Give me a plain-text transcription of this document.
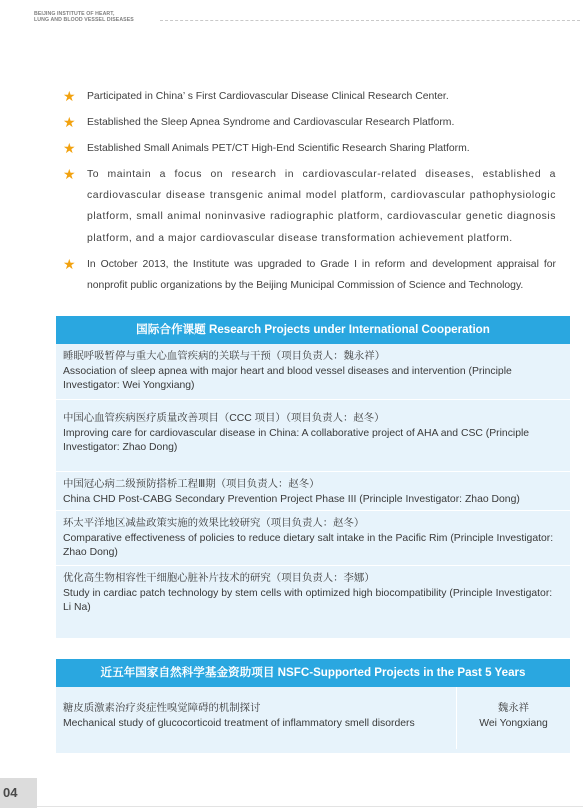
BEIJING INSTITUTE OF HEART,
LUNG AND BLOOD VESSEL DISEASES
★ Participated in China’ s First Cardiovascular Disease Clinical Research Center.
★ Established the Sleep Apnea Syndrome and Cardiovascular Research Platform.
★ Established Small Animals PET/CT High-End Scientific Research Sharing Platform.
★ To maintain a focus on research in cardiovascular-related diseases, established a cardiovascular disease transgenic animal model platform, cardiovascular pathophysiologic platform, small animal noninvasive radiographic platform, cardiovascular genetic diagnosis platform, and a major cardiovascular disease transformation achievement platform.
★ In October 2013, the Institute was upgraded to Grade I in reform and development appraisal for nonprofit public organizations by the Beijing Municipal Commission of Science and Technology.
国际合作课题 Research Projects under International Cooperation
睡眠呼吸暂停与重大心血管疾病的关联与干预（项目负责人：魏永祥）
Association of sleep apnea with major heart and blood vessel diseases and intervention (Principle Investigator: Wei Yongxiang)
中国心血管疾病医疗质量改善项目（CCC 项目）（项目负责人：赵冬）
Improving care for cardiovascular disease in China: A collaborative project of AHA and CSC (Principle Investigator: Zhao Dong)
中国冠心病二级预防搭桥工程Ⅲ期（项目负责人：赵冬）
China CHD Post-CABG Secondary Prevention Project Phase III (Principle Investigator: Zhao Dong)
环太平洋地区减盐政策实施的效果比较研究（项目负责人：赵冬）
Comparative effectiveness of policies to reduce dietary salt intake in the Pacific Rim (Principle Investigator: Zhao Dong)
优化高生物相容性干细胞心脏补片技术的研究（项目负责人：李娜）
Study in cardiac patch technology by stem cells with optimized high biocompatibility (Principle Investigator: Li Na)
近五年国家自然科学基金资助项目 NSFC-Supported Projects in the Past 5 Years
糖皮质激素治疗炎症性嗅觉障碍的机制探讨
Mechanical study of glucocorticoid treatment of inflammatory smell disorders
魏永祥
Wei Yongxiang
04
